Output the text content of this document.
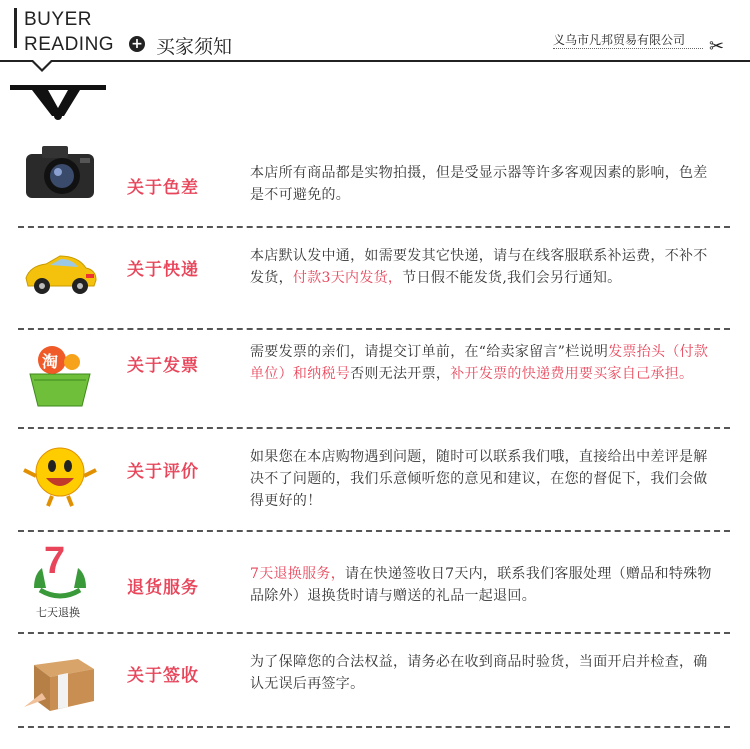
BUYER
READING + 买家须知	义乌市凡邦贸易有限公司 ✂
关于色差
本店所有商品都是实物拍摄，但是受显示器等许多客观因素的影响，色差是不可避免的。
关于快递
本店默认发中通，如需要发其它快递，请与在线客服联系补运费，不补不发货，付款3天内发货，节日假不能发货,我们会另行通知。
淘	关于发票
需要发票的亲们，请提交订单前，在“给卖家留言”栏说明发票抬头（付款单位）和纳税号否则无法开票，补开发票的快递费用要买家自己承担。
关于评价
如果您在本店购物遇到问题，随时可以联系我们哦，直接给出中差评是解决不了问题的，我们乐意倾听您的意见和建议，在您的督促下，我们会做得更好的！
7
七天退换
退货服务
7天退换服务，请在快递签收日7天内，联系我们客服处理（赠品和特殊物品除外）退换货时请与赠送的礼品一起退回。
关于签收
为了保障您的合法权益，请务必在收到商品时验货，当面开启并检查，确认无误后再签字。
